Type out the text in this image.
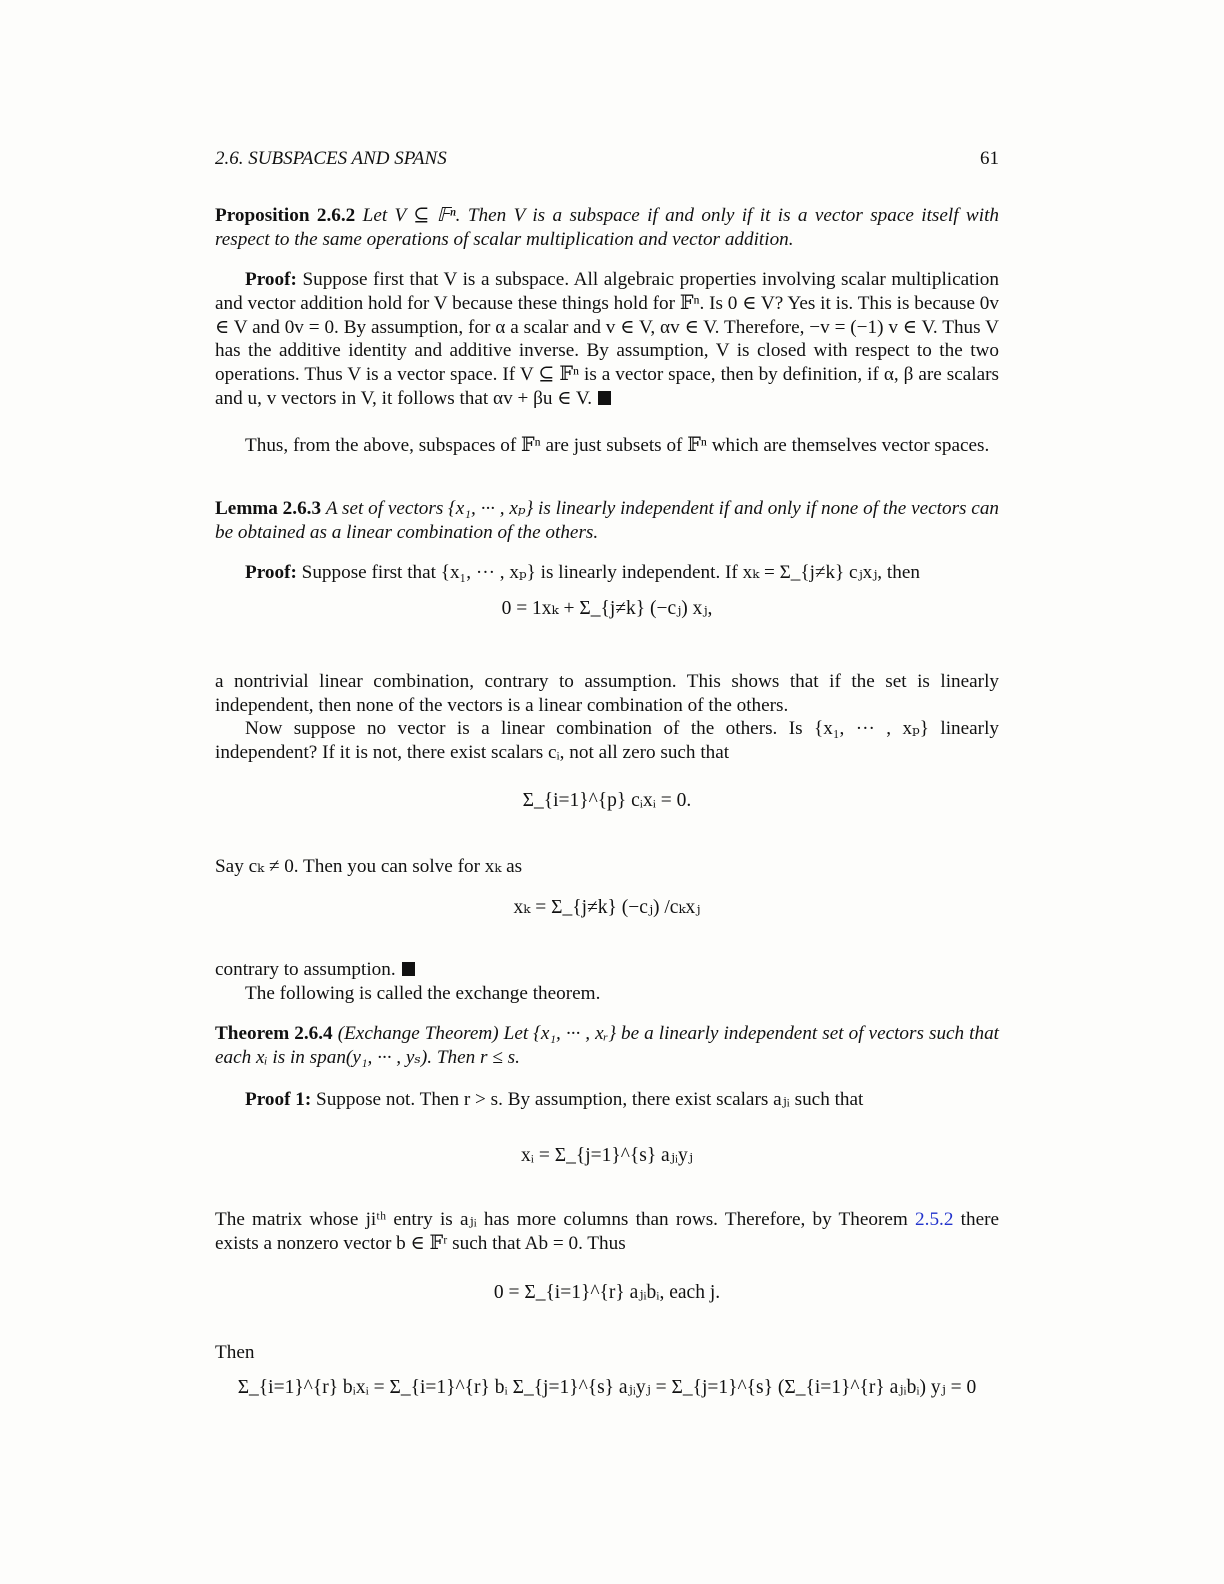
2.6. SUBSPACES AND SPANS	61
Proposition 2.6.2 Let V ⊆ 𝔽ⁿ. Then V is a subspace if and only if it is a vector space itself with respect to the same operations of scalar multiplication and vector addition.
Proof: Suppose first that V is a subspace. All algebraic properties involving scalar multiplication and vector addition hold for V because these things hold for 𝔽ⁿ. Is 0 ∈ V? Yes it is. This is because 0v ∈ V and 0v = 0. By assumption, for α a scalar and v ∈ V, αv ∈ V. Therefore, −v = (−1) v ∈ V. Thus V has the additive identity and additive inverse. By assumption, V is closed with respect to the two operations. Thus V is a vector space. If V ⊆ 𝔽ⁿ is a vector space, then by definition, if α, β are scalars and u, v vectors in V, it follows that αv + βu ∈ V.
Thus, from the above, subspaces of 𝔽ⁿ are just subsets of 𝔽ⁿ which are themselves vector spaces.
Lemma 2.6.3 A set of vectors {x₁, ··· , xₚ} is linearly independent if and only if none of the vectors can be obtained as a linear combination of the others.
Proof: Suppose first that {x₁, ··· , xₚ} is linearly independent. If xₖ = Σ_{j≠k} cⱼxⱼ, then
0 = 1xₖ + Σ_{j≠k} (−cⱼ) xⱼ,
a nontrivial linear combination, contrary to assumption. This shows that if the set is linearly independent, then none of the vectors is a linear combination of the others.
Now suppose no vector is a linear combination of the others. Is {x₁, ··· , xₚ} linearly independent? If it is not, there exist scalars cᵢ, not all zero such that
Σ_{i=1}^{p} cᵢxᵢ = 0.
Say cₖ ≠ 0. Then you can solve for xₖ as
xₖ = Σ_{j≠k} (−cⱼ) /cₖxⱼ
contrary to assumption.
The following is called the exchange theorem.
Theorem 2.6.4 (Exchange Theorem) Let {x₁, ··· , xᵣ} be a linearly independent set of vectors such that each xᵢ is in span(y₁, ··· , yₛ). Then r ≤ s.
Proof 1: Suppose not. Then r > s. By assumption, there exist scalars aⱼᵢ such that
xᵢ = Σ_{j=1}^{s} aⱼᵢyⱼ
The matrix whose jiᵗʰ entry is aⱼᵢ has more columns than rows. Therefore, by Theorem 2.5.2 there exists a nonzero vector b ∈ 𝔽ʳ such that Ab = 0. Thus
0 = Σ_{i=1}^{r} aⱼᵢbᵢ, each j.
Then
Σ_{i=1}^{r} bᵢxᵢ = Σ_{i=1}^{r} bᵢ Σ_{j=1}^{s} aⱼᵢyⱼ = Σ_{j=1}^{s} (Σ_{i=1}^{r} aⱼᵢbᵢ) yⱼ = 0
